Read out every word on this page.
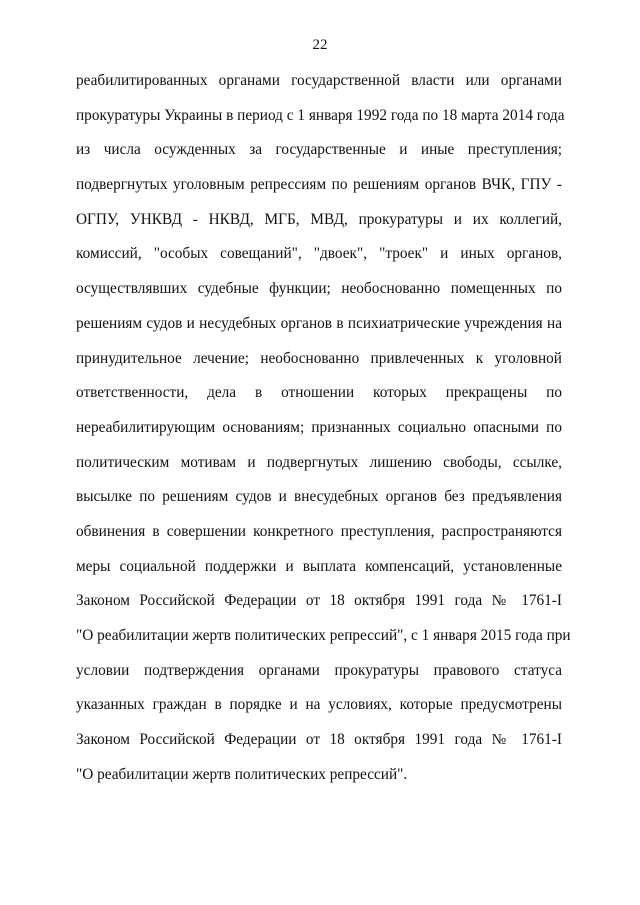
22
реабилитированных органами государственной власти или органами
прокуратуры Украины в период с 1 января 1992 года по 18 марта 2014 года
из числа осужденных за государственные и иные преступления;
подвергнутых уголовным репрессиям по решениям органов ВЧК, ГПУ -
ОГПУ, УНКВД - НКВД, МГБ, МВД, прокуратуры и их коллегий,
комиссий, "особых совещаний", "двоек", "троек" и иных органов,
осуществлявших судебные функции; необоснованно помещенных по
решениям судов и несудебных органов в психиатрические учреждения на
принудительное лечение; необоснованно привлеченных к уголовной
ответственности, дела в отношении которых прекращены по
нереабилитирующим основаниям; признанных социально опасными по
политическим мотивам и подвергнутых лишению свободы, ссылке,
высылке по решениям судов и внесудебных органов без предъявления
обвинения в совершении конкретного преступления, распространяются
меры социальной поддержки и выплата компенсаций, установленные
Законом Российской Федерации от 18 октября 1991 года № 1761-I
"О реабилитации жертв политических репрессий", с 1 января 2015 года при
условии подтверждения органами прокуратуры правового статуса
указанных граждан в порядке и на условиях, которые предусмотрены
Законом Российской Федерации от 18 октября 1991 года № 1761-I
"О реабилитации жертв политических репрессий".
